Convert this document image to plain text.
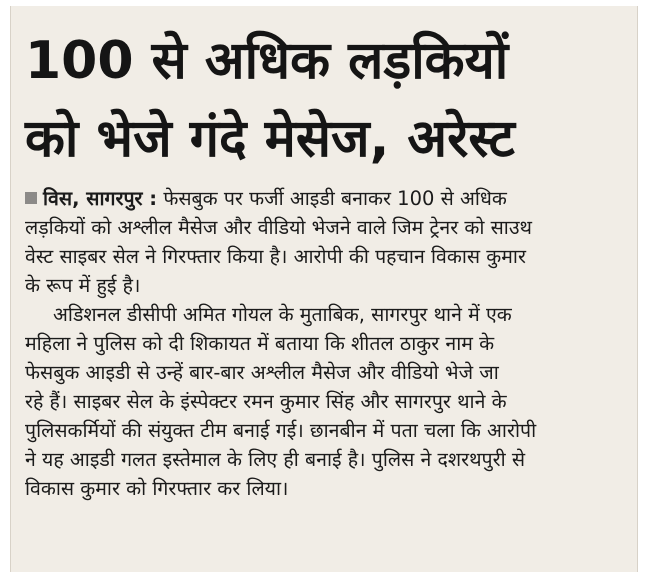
100 से अधिक लड़कियों
को भेजे गंदे मेसेज, अरेस्ट
विस, सागरपुर : फेसबुक पर फर्जी आइडी बनाकर 100 से अधिक
लड़कियों को अश्लील मैसेज और वीडियो भेजने वाले जिम ट्रेनर को साउथ
वेस्ट साइबर सेल ने गिरफ्तार किया है। आरोपी की पहचान विकास कुमार
के रूप में हुई है।
अडिशनल डीसीपी अमित गोयल के मुताबिक, सागरपुर थाने में एक
महिला ने पुलिस को दी शिकायत में बताया कि शीतल ठाकुर नाम के
फेसबुक आइडी से उन्हें बार-बार अश्लील मैसेज और वीडियो भेजे जा
रहे हैं। साइबर सेल के इंस्पेक्टर रमन कुमार सिंह और सागरपुर थाने के
पुलिसकर्मियों की संयुक्त टीम बनाई गई। छानबीन में पता चला कि आरोपी
ने यह आइडी गलत इस्तेमाल के लिए ही बनाई है। पुलिस ने दशरथपुरी से
विकास कुमार को गिरफ्तार कर लिया।
